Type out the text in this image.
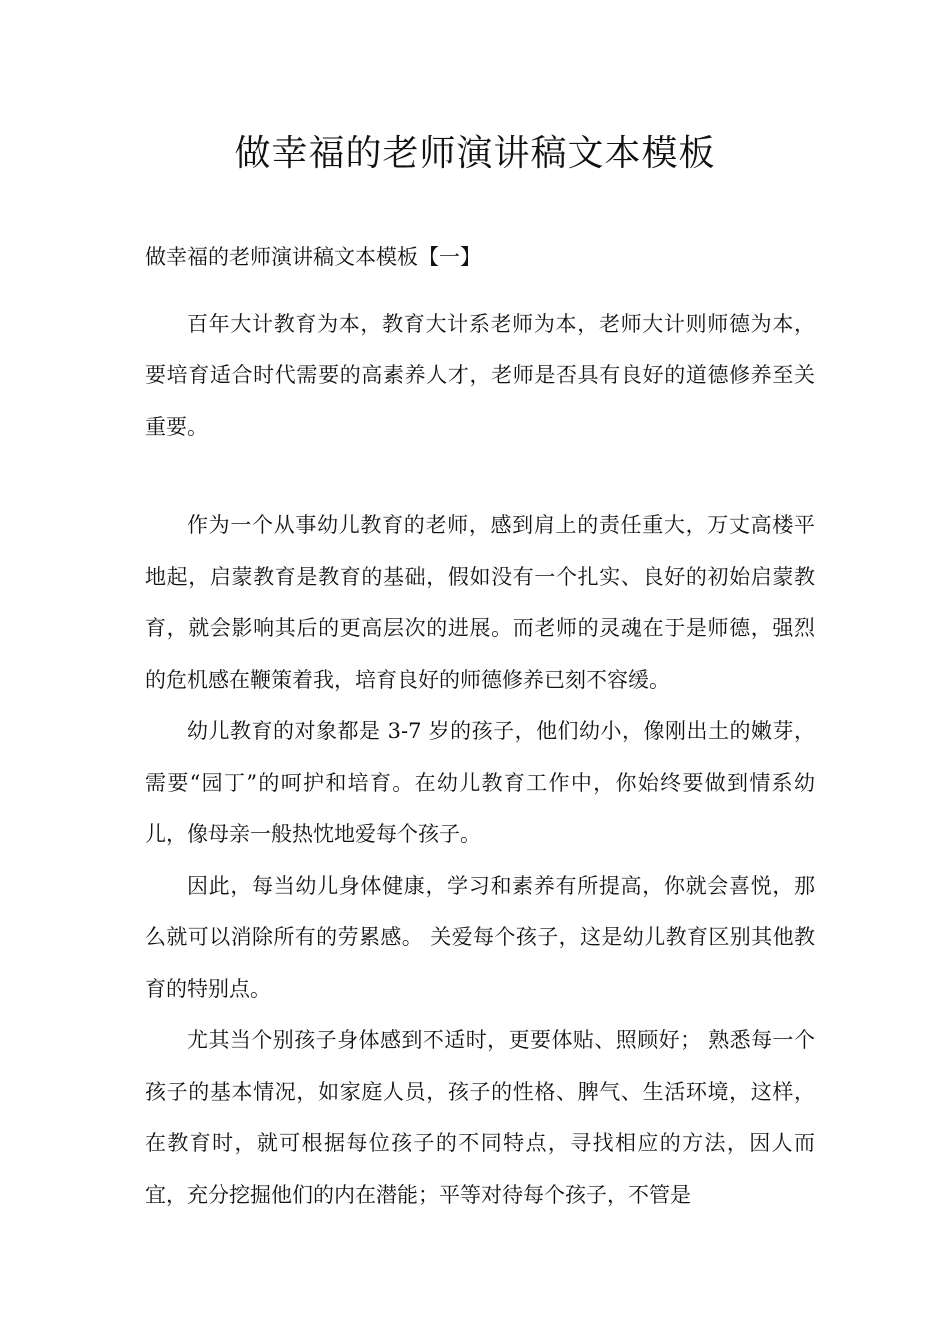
做幸福的老师演讲稿文本模板

做幸福的老师演讲稿文本模板【一】

百年大计教育为本，教育大计系老师为本，老师大计则师德为本，要培育适合时代需要的高素养人才，老师是否具有良好的道德修养至关重要。

作为一个从事幼儿教育的老师，感到肩上的责任重大，万丈高楼平地起，启蒙教育是教育的基础，假如没有一个扎实、良好的初始启蒙教育，就会影响其后的更高层次的进展。而老师的灵魂在于是师德，强烈的危机感在鞭策着我，培育良好的师德修养已刻不容缓。

幼儿教育的对象都是 3-7 岁的孩子，他们幼小，像刚出土的嫩芽，需要“园丁”的呵护和培育。在幼儿教育工作中，你始终要做到情系幼儿，像母亲一般热忱地爱每个孩子。

因此，每当幼儿身体健康，学习和素养有所提高，你就会喜悦，那么就可以消除所有的劳累感。 关爱每个孩子，这是幼儿教育区别其他教育的特别点。

尤其当个别孩子身体感到不适时，更要体贴、照顾好； 熟悉每一个孩子的基本情况，如家庭人员，孩子的性格、脾气、生活环境，这样，在教育时，就可根据每位孩子的不同特点，寻找相应的方法，因人而宜，充分挖掘他们的内在潜能；平等对待每个孩子，不管是
